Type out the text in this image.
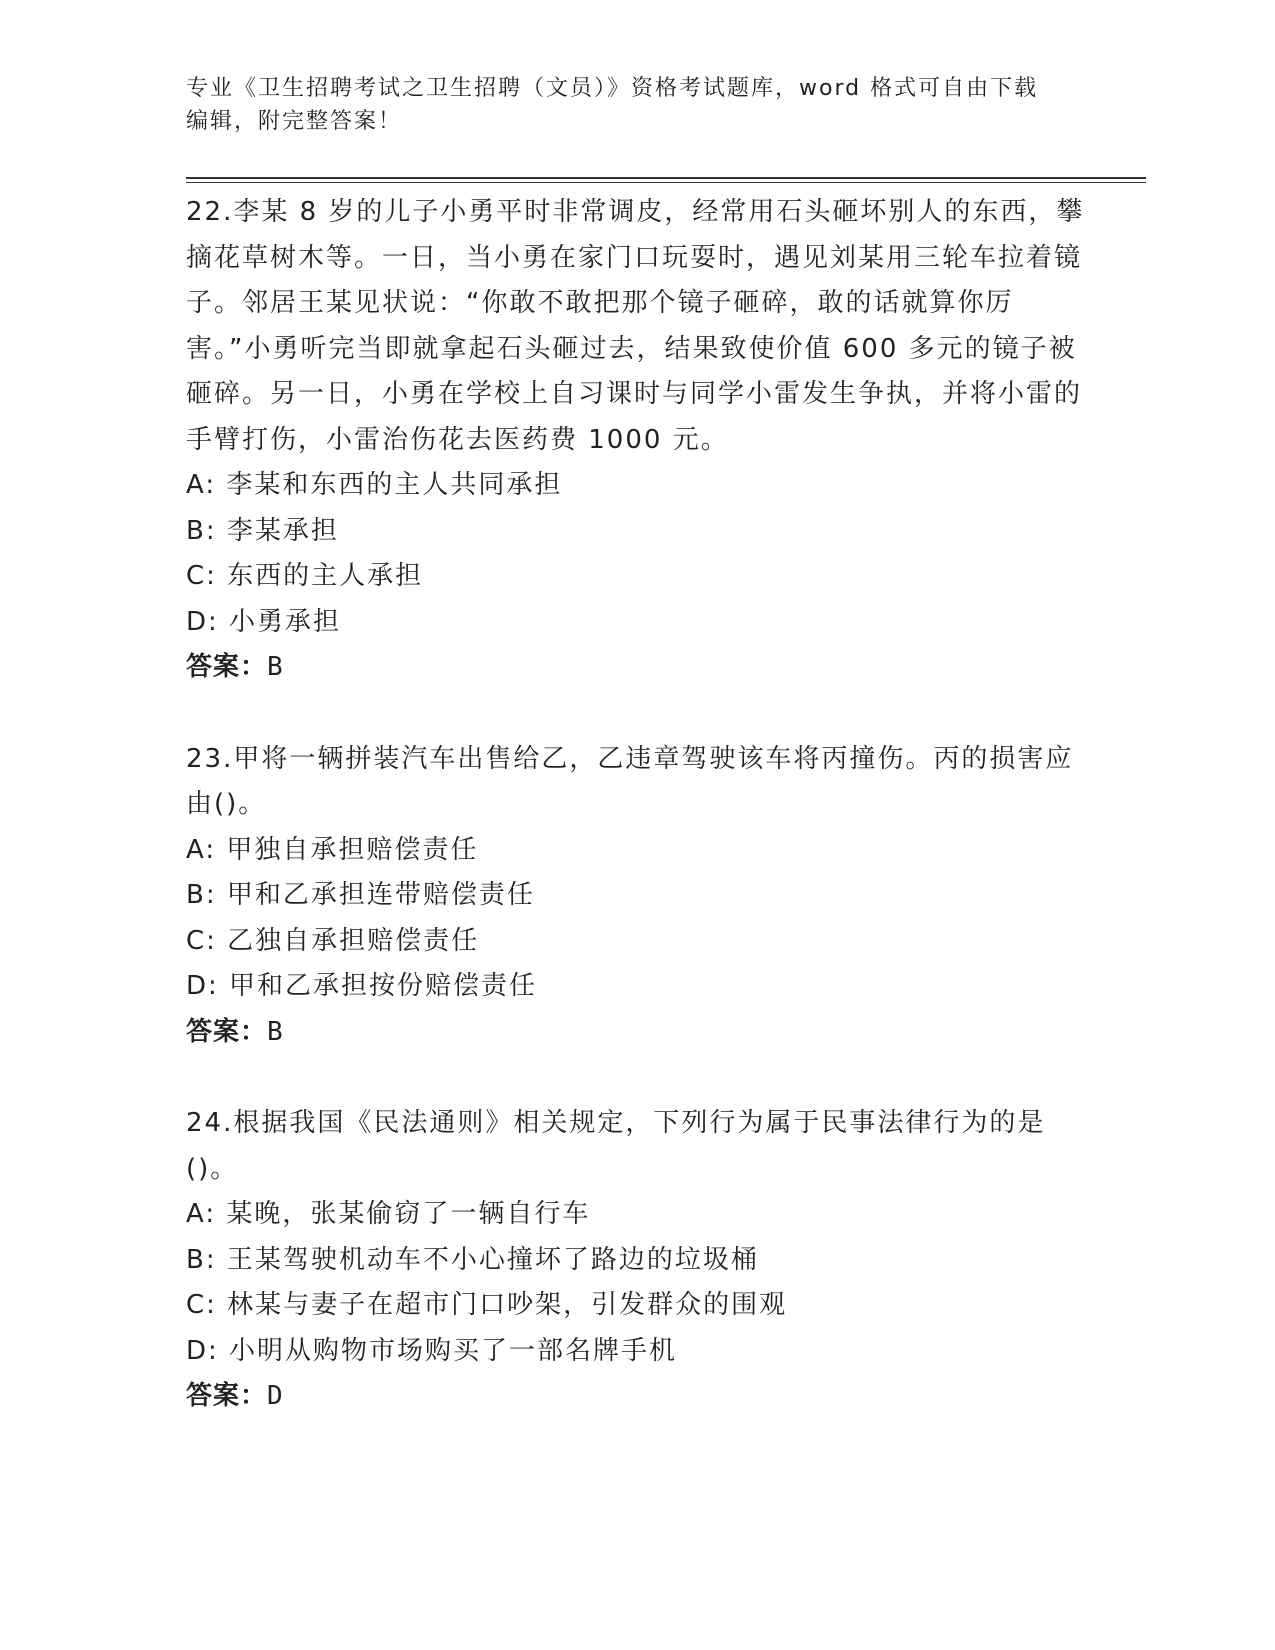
专业《卫生招聘考试之卫生招聘（文员）》资格考试题库，word 格式可自由下载
编辑，附完整答案！

22.李某 8 岁的儿子小勇平时非常调皮，经常用石头砸坏别人的东西，攀摘花草树木等。一日，当小勇在家门口玩耍时，遇见刘某用三轮车拉着镜子。邻居王某见状说：“你敢不敢把那个镜子砸碎，敢的话就算你厉害。”小勇听完当即就拿起石头砸过去，结果致使价值 600 多元的镜子被砸碎。另一日，小勇在学校上自习课时与同学小雷发生争执，并将小雷的手臂打伤，小雷治伤花去医药费 1000 元。

A: 李某和东西的主人共同承担

B: 李某承担

C: 东西的主人承担

D: 小勇承担

答案：B

23.甲将一辆拼装汽车出售给乙，乙违章驾驶该车将丙撞伤。丙的损害应由()。

A: 甲独自承担赔偿责任

B: 甲和乙承担连带赔偿责任

C: 乙独自承担赔偿责任

D: 甲和乙承担按份赔偿责任

答案：B

24.根据我国《民法通则》相关规定，下列行为属于民事法律行为的是()。

A: 某晚，张某偷窃了一辆自行车

B: 王某驾驶机动车不小心撞坏了路边的垃圾桶

C: 林某与妻子在超市门口吵架，引发群众的围观

D: 小明从购物市场购买了一部名牌手机

答案：D
